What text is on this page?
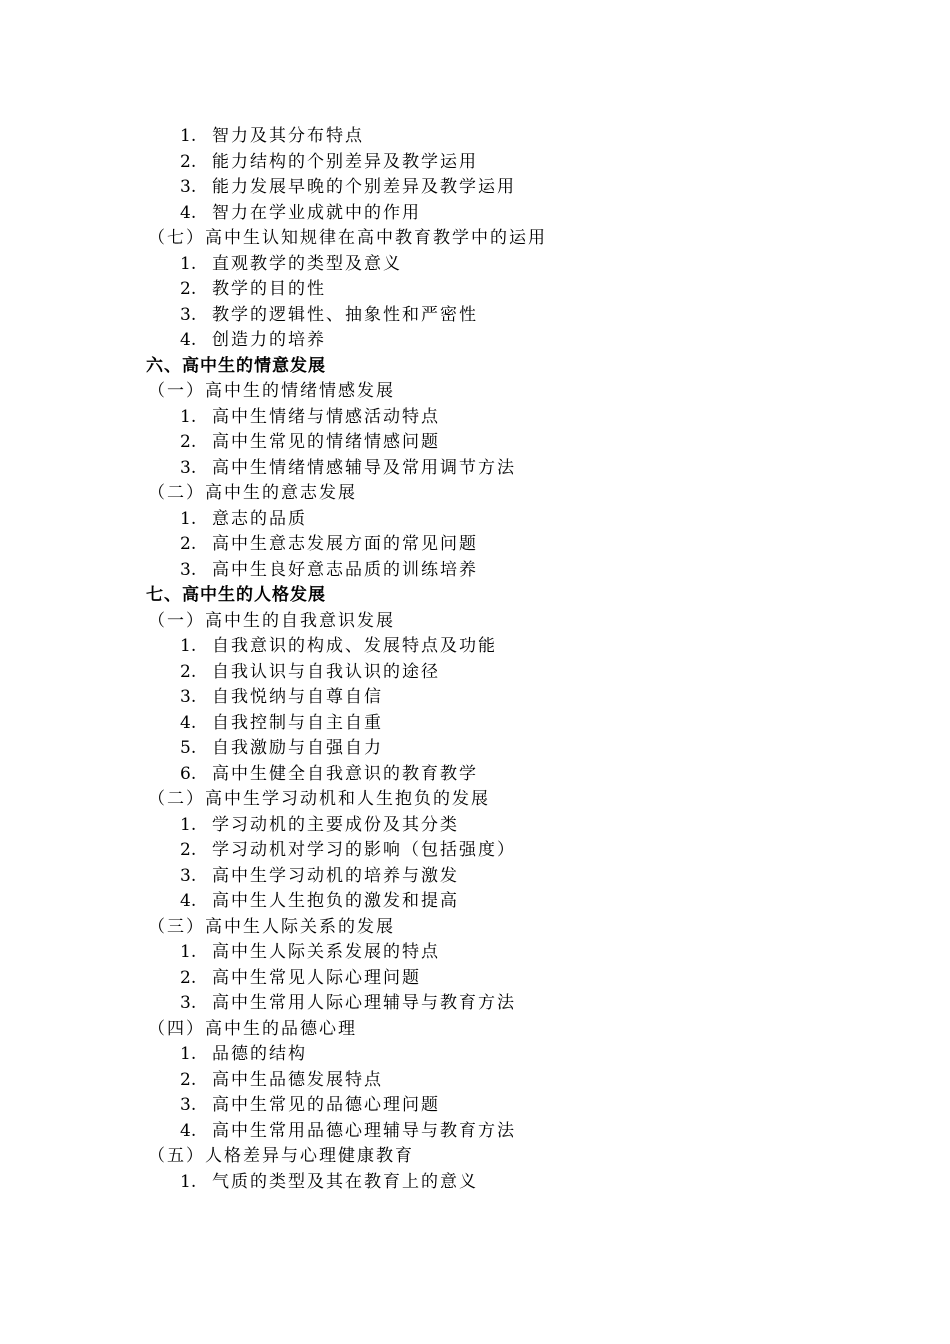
1. 智力及其分布特点
2. 能力结构的个别差异及教学运用
3. 能力发展早晚的个别差异及教学运用
4. 智力在学业成就中的作用
（七）高中生认知规律在高中教育教学中的运用
1. 直观教学的类型及意义
2. 教学的目的性
3. 教学的逻辑性、抽象性和严密性
4. 创造力的培养
六、高中生的情意发展
（一）高中生的情绪情感发展
1. 高中生情绪与情感活动特点
2. 高中生常见的情绪情感问题
3. 高中生情绪情感辅导及常用调节方法
（二）高中生的意志发展
1. 意志的品质
2. 高中生意志发展方面的常见问题
3. 高中生良好意志品质的训练培养
七、高中生的人格发展
（一）高中生的自我意识发展
1. 自我意识的构成、发展特点及功能
2. 自我认识与自我认识的途径
3. 自我悦纳与自尊自信
4. 自我控制与自主自重
5. 自我激励与自强自力
6. 高中生健全自我意识的教育教学
（二）高中生学习动机和人生抱负的发展
1. 学习动机的主要成份及其分类
2. 学习动机对学习的影响（包括强度）
3. 高中生学习动机的培养与激发
4. 高中生人生抱负的激发和提高
（三）高中生人际关系的发展
1. 高中生人际关系发展的特点
2. 高中生常见人际心理问题
3. 高中生常用人际心理辅导与教育方法
（四）高中生的品德心理
1. 品德的结构
2. 高中生品德发展特点
3. 高中生常见的品德心理问题
4. 高中生常用品德心理辅导与教育方法
（五）人格差异与心理健康教育
1. 气质的类型及其在教育上的意义
